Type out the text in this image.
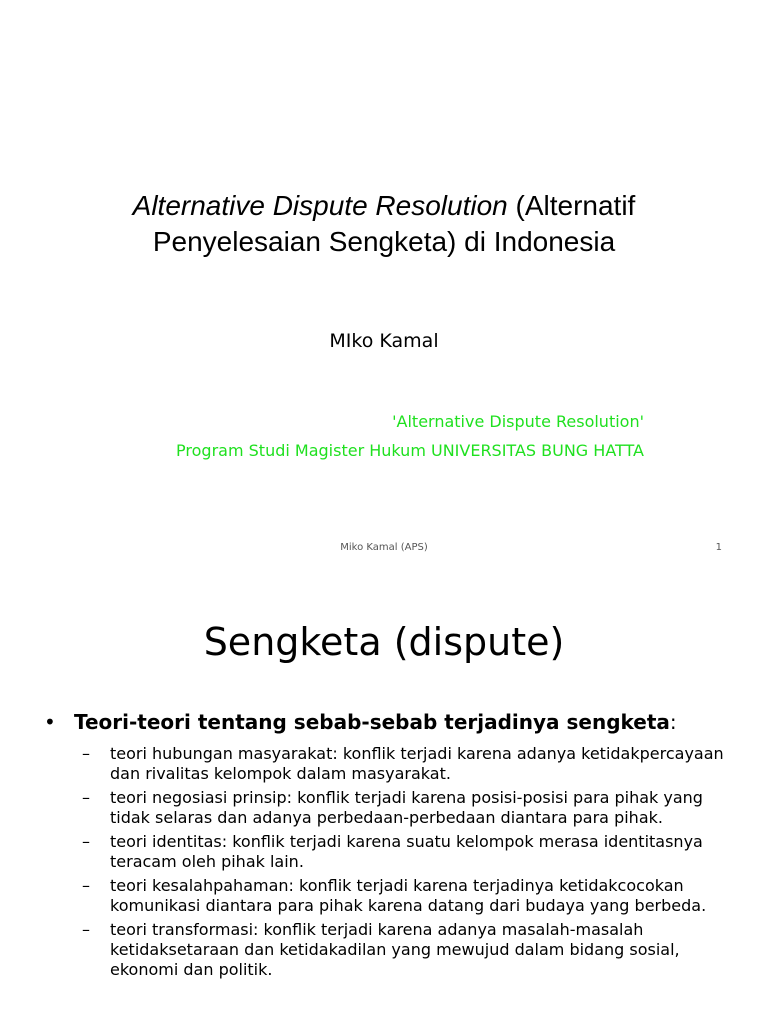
Alternative Dispute Resolution (Alternatif
Penyelesaian Sengketa) di Indonesia
MIko Kamal
'Alternative Dispute Resolution'
Program Studi Magister Hukum UNIVERSITAS BUNG HATTA
Miko Kamal (APS)	1
Sengketa (dispute)
• Teori-teori tentang sebab-sebab terjadinya sengketa:
– teori hubungan masyarakat: konflik terjadi karena adanya ketidakpercayaan dan rivalitas kelompok dalam masyarakat.
– teori negosiasi prinsip: konflik terjadi karena posisi-posisi para pihak yang tidak selaras dan adanya perbedaan-perbedaan diantara para pihak.
– teori identitas: konflik terjadi karena suatu kelompok merasa identitasnya teracam oleh pihak lain.
– teori kesalahpahaman: konflik terjadi karena terjadinya ketidakcocokan komunikasi diantara para pihak karena datang dari budaya yang berbeda.
– teori transformasi: konflik terjadi karena adanya masalah-masalah ketidaksetaraan dan ketidakadilan yang mewujud dalam bidang sosial, ekonomi dan politik.
